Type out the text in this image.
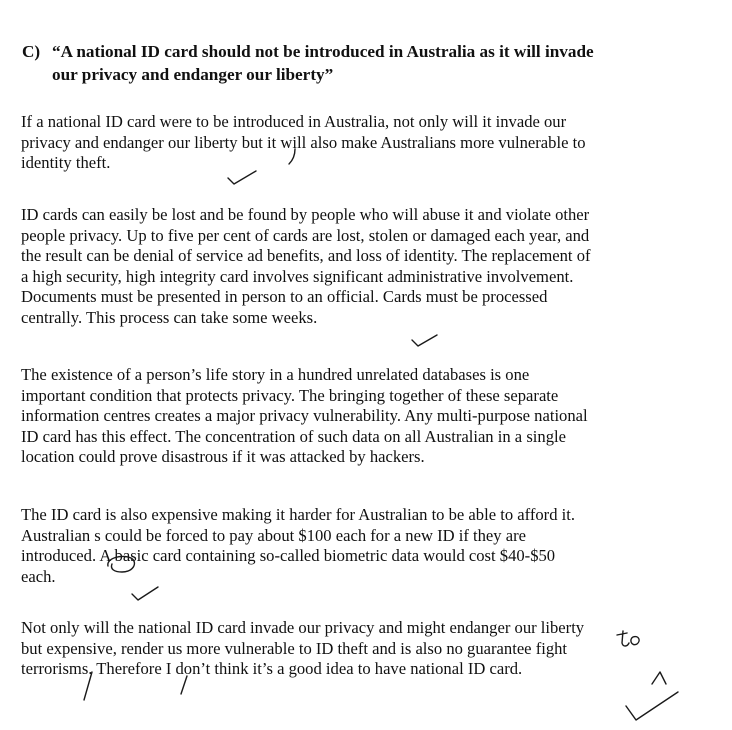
C) “A national ID card should not be introduced in Australia as it will invade
our privacy and endanger our liberty”

If a national ID card were to be introduced in Australia, not only will it invade our
privacy and endanger our liberty but it will also make Australians more vulnerable to
identity theft.

ID cards can easily be lost and be found by people who will abuse it and violate other
people privacy. Up to five per cent of cards are lost, stolen or damaged each year, and
the result can be denial of service ad benefits, and loss of identity. The replacement of
a high security, high integrity card involves significant administrative involvement.
Documents must be presented in person to an official. Cards must be processed
centrally. This process can take some weeks.

The existence of a person’s life story in a hundred unrelated databases is one
important condition that protects privacy. The bringing together of these separate
information centres creates a major privacy vulnerability. Any multi-purpose national
ID card has this effect. The concentration of such data on all Australian in a single
location could prove disastrous if it was attacked by hackers.

The ID card is also expensive making it harder for Australian to be able to afford it.
Australian s could be forced to pay about $100 each for a new ID if they are
introduced. A basic card containing so-called biometric data would cost $40-$50
each.

Not only will the national ID card invade our privacy and might endanger our liberty
but expensive, render us more vulnerable to ID theft and is also no guarantee fight
terrorisms. Therefore I don’t think it’s a good idea to have national ID card.
